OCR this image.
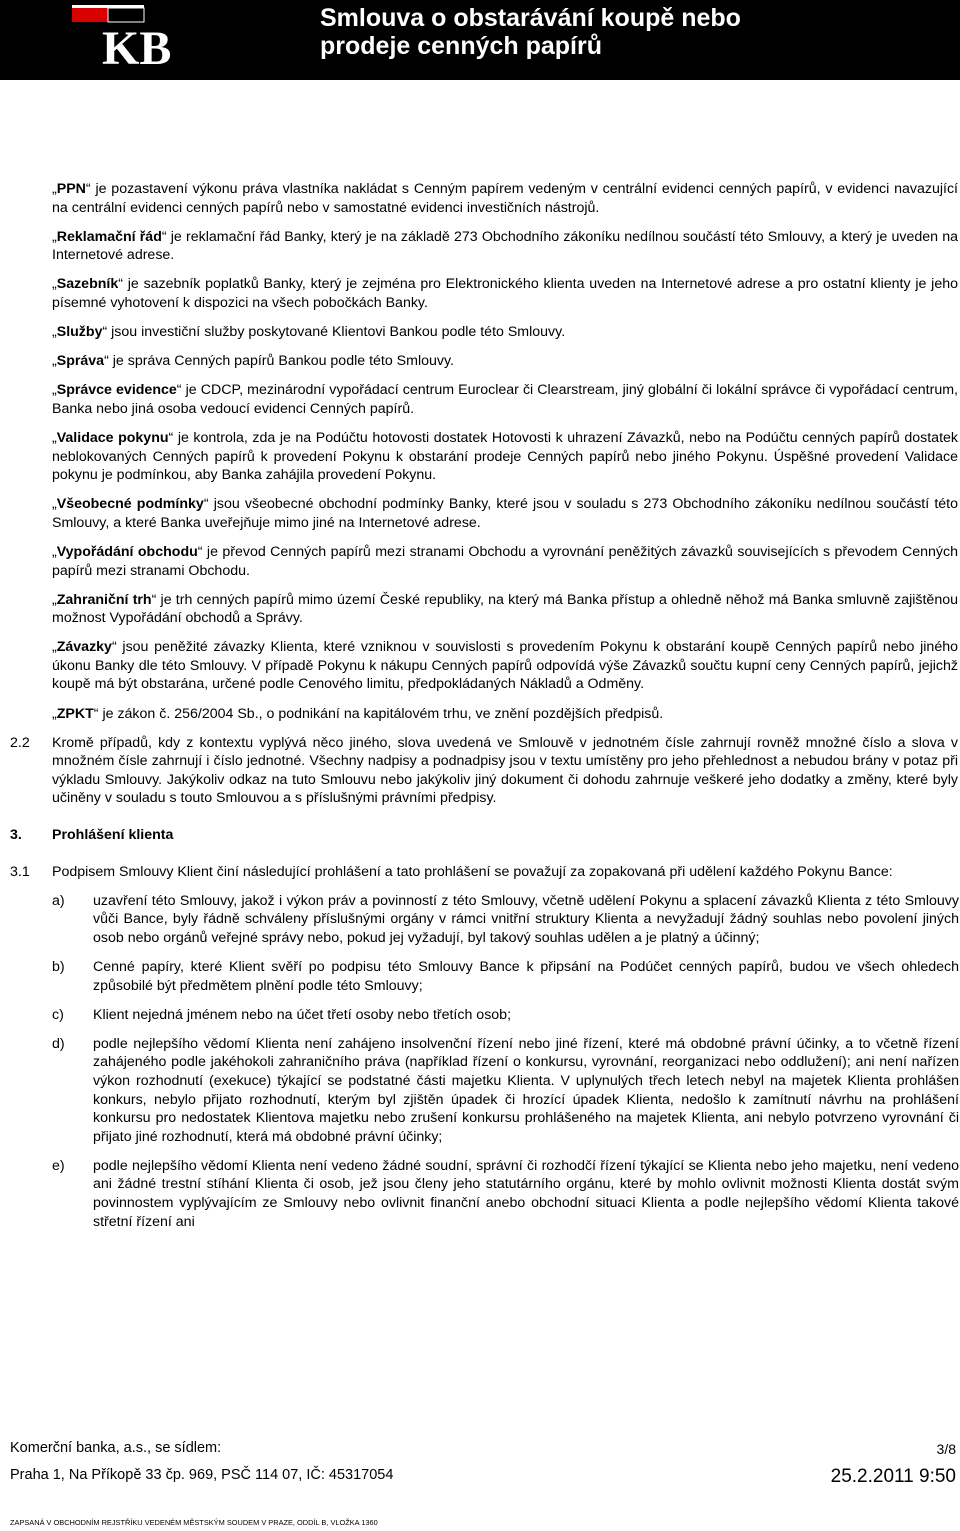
KB
Smlouva o obstarávání koupě nebo
prodeje cenných papírů
„PPN“ je pozastavení výkonu práva vlastníka nakládat s Cenným papírem vedeným v centrální evidenci cenných papírů, v evidenci navazující na centrální evidenci cenných papírů nebo v samostatné evidenci investičních nástrojů.
„Reklamační řád“ je reklamační řád Banky, který je na základě 273 Obchodního zákoníku nedílnou součástí této Smlouvy, a který je uveden na Internetové adrese.
„Sazebník“ je sazebník poplatků Banky, který je zejména pro Elektronického klienta uveden na Internetové adrese a pro ostatní klienty je jeho písemné vyhotovení k dispozici na všech pobočkách Banky.
„Služby“ jsou investiční služby poskytované Klientovi Bankou podle této Smlouvy.
„Správa“ je správa Cenných papírů Bankou podle této Smlouvy.
„Správce evidence“ je CDCP, mezinárodní vypořádací centrum Euroclear či Clearstream, jiný globální či lokální správce či vypořádací centrum, Banka nebo jiná osoba vedoucí evidenci Cenných papírů.
„Validace pokynu“ je kontrola, zda je na Podúčtu hotovosti dostatek Hotovosti k uhrazení Závazků, nebo na Podúčtu cenných papírů dostatek neblokovaných Cenných papírů k provedení Pokynu k obstarání prodeje Cenných papírů nebo jiného Pokynu. Úspěšné provedení Validace pokynu je podmínkou, aby Banka zahájila provedení Pokynu.
„Všeobecné podmínky“ jsou všeobecné obchodní podmínky Banky, které jsou v souladu s 273 Obchodního zákoníku nedílnou součástí této Smlouvy, a které Banka uveřejňuje mimo jiné na Internetové adrese.
„Vypořádání obchodu“ je převod Cenných papírů mezi stranami Obchodu a vyrovnání peněžitých závazků souvisejících s převodem Cenných papírů mezi stranami Obchodu.
„Zahraniční trh“ je trh cenných papírů mimo území České republiky, na který má Banka přístup a ohledně něhož má Banka smluvně zajištěnou možnost Vypořádání obchodů a Správy.
„Závazky“ jsou peněžité závazky Klienta, které vzniknou v souvislosti s provedením Pokynu k obstarání koupě Cenných papírů nebo jiného úkonu Banky dle této Smlouvy. V případě Pokynu k nákupu Cenných papírů odpovídá výše Závazků součtu kupní ceny Cenných papírů, jejichž koupě má být obstarána, určené podle Cenového limitu, předpokládaných Nákladů a Odměny.
„ZPKT“ je zákon č. 256/2004 Sb., o podnikání na kapitálovém trhu, ve znění pozdějších předpisů.
2.2 Kromě případů, kdy z kontextu vyplývá něco jiného, slova uvedená ve Smlouvě v jednotném čísle zahrnují rovněž množné číslo a slova v množném čísle zahrnují i číslo jednotné. Všechny nadpisy a podnadpisy jsou v textu umístěny pro jeho přehlednost a nebudou brány v potaz při výkladu Smlouvy. Jakýkoliv odkaz na tuto Smlouvu nebo jakýkoliv jiný dokument či dohodu zahrnuje veškeré jeho dodatky a změny, které byly učiněny v souladu s touto Smlouvou a s příslušnými právními předpisy.
3. Prohlášení klienta
3.1 Podpisem Smlouvy Klient činí následující prohlášení a tato prohlášení se považují za zopakovaná při udělení každého Pokynu Bance:
a) uzavření této Smlouvy, jakož i výkon práv a povinností z této Smlouvy, včetně udělení Pokynu a splacení závazků Klienta z této Smlouvy vůči Bance, byly řádně schváleny příslušnými orgány v rámci vnitřní struktury Klienta a nevyžadují žádný souhlas nebo povolení jiných osob nebo orgánů veřejné správy nebo, pokud jej vyžadují, byl takový souhlas udělen a je platný a účinný;
b) Cenné papíry, které Klient svěří po podpisu této Smlouvy Bance k připsání na Podúčet cenných papírů, budou ve všech ohledech způsobilé být předmětem plnění podle této Smlouvy;
c) Klient nejedná jménem nebo na účet třetí osoby nebo třetích osob;
d) podle nejlepšího vědomí Klienta není zahájeno insolvenční řízení nebo jiné řízení, které má obdobné právní účinky, a to včetně řízení zahájeného podle jakéhokoli zahraničního práva (například řízení o konkursu, vyrovnání, reorganizaci nebo oddlužení); ani není nařízen výkon rozhodnutí (exekuce) týkající se podstatné části majetku Klienta. V uplynulých třech letech nebyl na majetek Klienta prohlášen konkurs, nebylo přijato rozhodnutí, kterým byl zjištěn úpadek či hrozící úpadek Klienta, nedošlo k zamítnutí návrhu na prohlášení konkursu pro nedostatek Klientova majetku nebo zrušení konkursu prohlášeného na majetek Klienta, ani nebylo potvrzeno vyrovnání či přijato jiné rozhodnutí, která má obdobné právní účinky;
e) podle nejlepšího vědomí Klienta není vedeno žádné soudní, správní či rozhodčí řízení týkající se Klienta nebo jeho majetku, není vedeno ani žádné trestní stíhání Klienta či osob, jež jsou členy jeho statutárního orgánu, které by mohlo ovlivnit možnosti Klienta dostát svým povinnostem vyplývajícím ze Smlouvy nebo ovlivnit finanční anebo obchodní situaci Klienta a podle nejlepšího vědomí Klienta takové střetní řízení ani
Komerční banka, a.s., se sídlem:
Praha 1, Na Příkopě 33 čp. 969, PSČ 114 07, IČ: 45317054
ZAPSANÁ V OBCHODNÍM REJSTŘÍKU VEDENÉM MĚSTSKÝM SOUDEM V PRAZE, ODDÍL B, VLOŽKA 1360
3/8
25.2.2011 9:50
